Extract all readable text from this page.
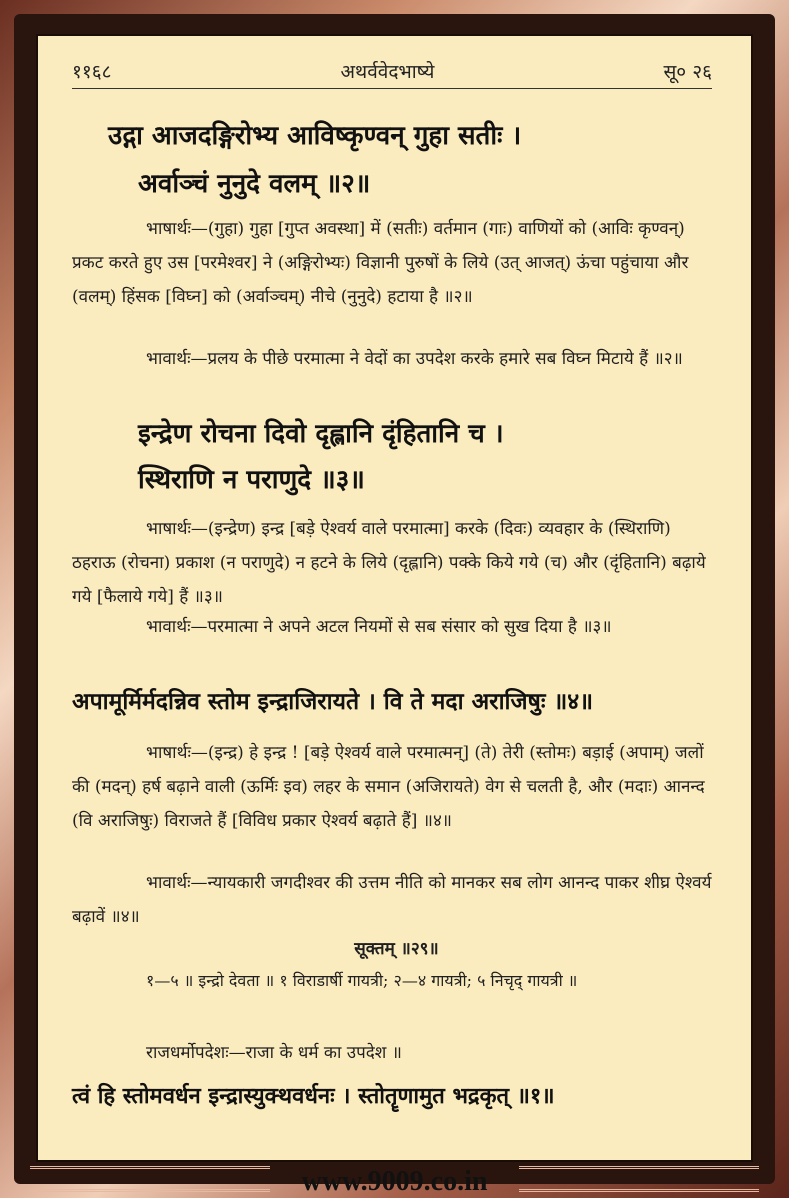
११६८	अथर्ववेदभाष्ये	सू० २६
उद्गा आजदङ्गिरोभ्य आविष्कृण्वन् गुहा सतीः ।
अर्वाञ्चं नुनुदे वलम् ॥२॥
भाषार्थः—(गुहा) गुहा [गुप्त अवस्था] में (सतीः) वर्तमान (गाः) वाणियों को (आविः कृण्वन्) प्रकट करते हुए उस [परमेश्वर] ने (अङ्गिरोभ्यः) विज्ञानी पुरुषों के लिये (उत् आजत्) ऊंचा पहुंचाया और (वलम्) हिंसक [विघ्न] को (अर्वाञ्चम्) नीचे (नुनुदे) हटाया है ॥२॥
भावार्थः—प्रलय के पीछे परमात्मा ने वेदों का उपदेश करके हमारे सब विघ्न मिटाये हैं ॥२॥
इन्द्रेण रोचना दिवो दृह्लानि दृंहितानि च ।
स्थिराणि न पराणुदे ॥३॥
भाषार्थः—(इन्द्रेण) इन्द्र [बड़े ऐश्वर्य वाले परमात्मा] करके (दिवः) व्यवहार के (स्थिराणि) ठहराऊ (रोचना) प्रकाश (न पराणुदे) न हटने के लिये (दृह्लानि) पक्के किये गये (च) और (दृंहितानि) बढ़ाये गये [फैलाये गये] हैं ॥३॥
भावार्थः—परमात्मा ने अपने अटल नियमों से सब संसार को सुख दिया है ॥३॥
अपामूर्मिर्मदन्निव स्तोम इन्द्राजिरायते । वि ते मदा अराजिषुः ॥४॥
भाषार्थः—(इन्द्र) हे इन्द्र ! [बड़े ऐश्वर्य वाले परमात्मन्] (ते) तेरी (स्तोमः) बड़ाई (अपाम्) जलों की (मदन्) हर्ष बढ़ाने वाली (ऊर्मिः इव) लहर के समान (अजिरायते) वेग से चलती है, और (मदाः) आनन्द (वि अराजिषुः) विराजते हैं [विविध प्रकार ऐश्वर्य बढ़ाते हैं] ॥४॥
भावार्थः—न्यायकारी जगदीश्वर की उत्तम नीति को मानकर सब लोग आनन्द पाकर शीघ्र ऐश्वर्य बढ़ावें ॥४॥
सूक्तम् ॥२९॥
१—५ ॥ इन्द्रो देवता ॥ १ विराडार्षी गायत्री; २—४ गायत्री; ५ निचृद् गायत्री ॥
राजधर्मोपदेशः—राजा के धर्म का उपदेश ॥
त्वं हि स्तोमवर्धन इन्द्रास्युक्थवर्धनः । स्तोतॄणामुत भद्रकृत् ॥१॥
www.9009.co.in
